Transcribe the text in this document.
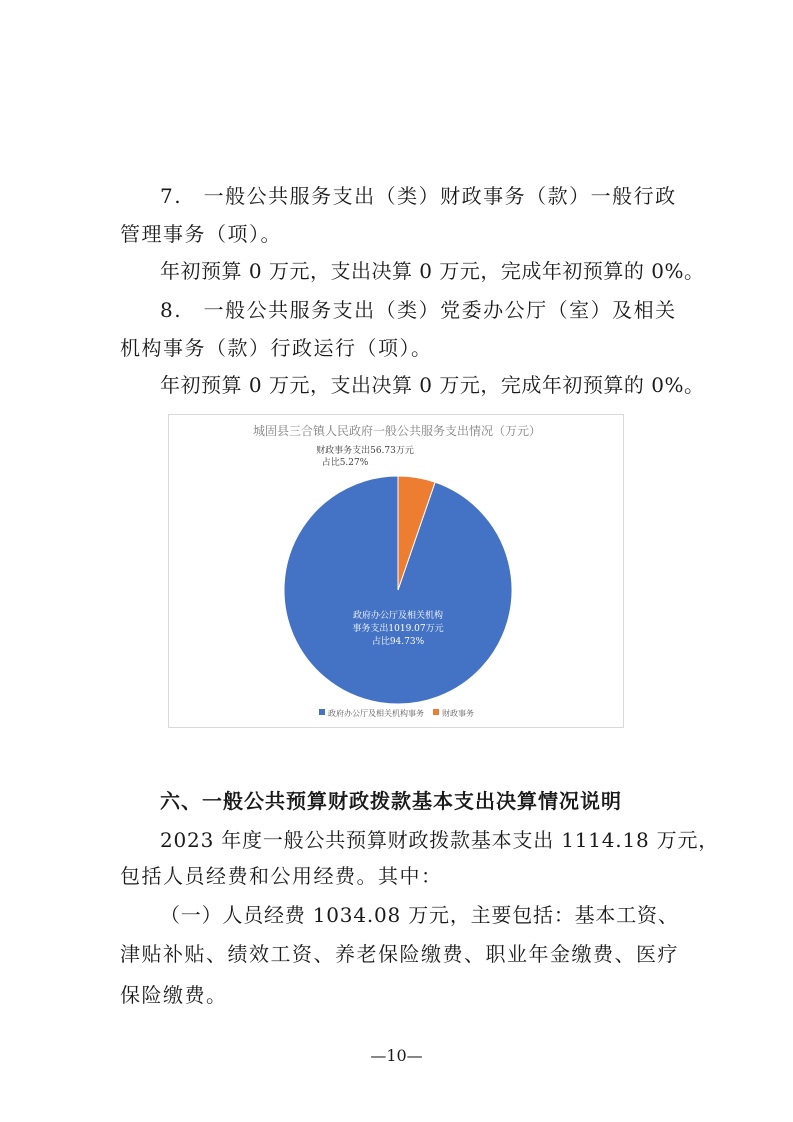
7.　一般公共服务支出（类）财政事务（款）一般行政
管理事务（项）。
年初预算 0 万元，支出决算 0 万元，完成年初预算的 0%。
8.　一般公共服务支出（类）党委办公厅（室）及相关
机构事务（款）行政运行（项）。
年初预算 0 万元，支出决算 0 万元，完成年初预算的 0%。
城固县三合镇人民政府一般公共服务支出情况（万元）
政府办公厅及相关机构
事务支出1019.07万元
占比94.73%
财政事务支出56.73万元
占比5.27%
政府办公厅及相关机构事务 财政事务
六、一般公共预算财政拨款基本支出决算情况说明
2023 年度一般公共预算财政拨款基本支出 1114.18 万元，
包括人员经费和公用经费。其中：
（一）人员经费 1034.08 万元，主要包括：基本工资、
津贴补贴、绩效工资、养老保险缴费、职业年金缴费、医疗
保险缴费。
—10—
